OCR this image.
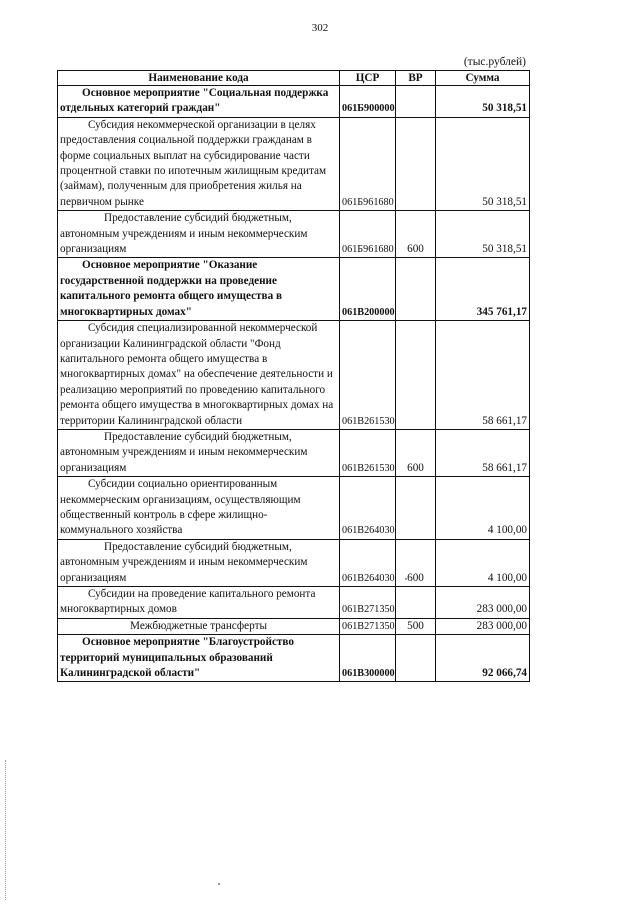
302
(тыс.рублей)
Наименование кода	ЦСР	ВР	Сумма
Основное мероприятие "Социальная поддержка отдельных категорий граждан"	061Б900000		50 318,51
Субсидия некоммерческой организации в целях предоставления социальной поддержки гражданам в форме социальных выплат на субсидирование части процентной ставки по ипотечным жилищным кредитам (займам), полученным для приобретения жилья на первичном рынке	061Б961680		50 318,51
Предоставление субсидий бюджетным, автономным учреждениям и иным некоммерческим организациям	061Б961680	600	50 318,51
Основное мероприятие "Оказание государственной поддержки на проведение капитального ремонта общего имущества в многоквартирных домах"	061В200000		345 761,17
Субсидия специализированной некоммерческой организации Калининградской области "Фонд капитального ремонта общего имущества в многоквартирных домах" на обеспечение деятельности и реализацию мероприятий по проведению капитального ремонта общего имущества в многоквартирных домах на территории Калининградской области	061В261530		58 661,17
Предоставление субсидий бюджетным, автономным учреждениям и иным некоммерческим организациям	061В261530	600	58 661,17
Субсидии социально ориентированным некоммерческим организациям, осуществляющим общественный контроль в сфере жилищно-коммунального хозяйства	061В264030		4 100,00
Предоставление субсидий бюджетным, автономным учреждениям и иным некоммерческим организациям	061В264030	600	4 100,00
Субсидии на проведение капитального ремонта многоквартирных домов	061В271350		283 000,00
Межбюджетные трансферты	061В271350	500	283 000,00
Основное мероприятие "Благоустройство территорий муниципальных образований Калининградской области"	061В300000		92 066,74
